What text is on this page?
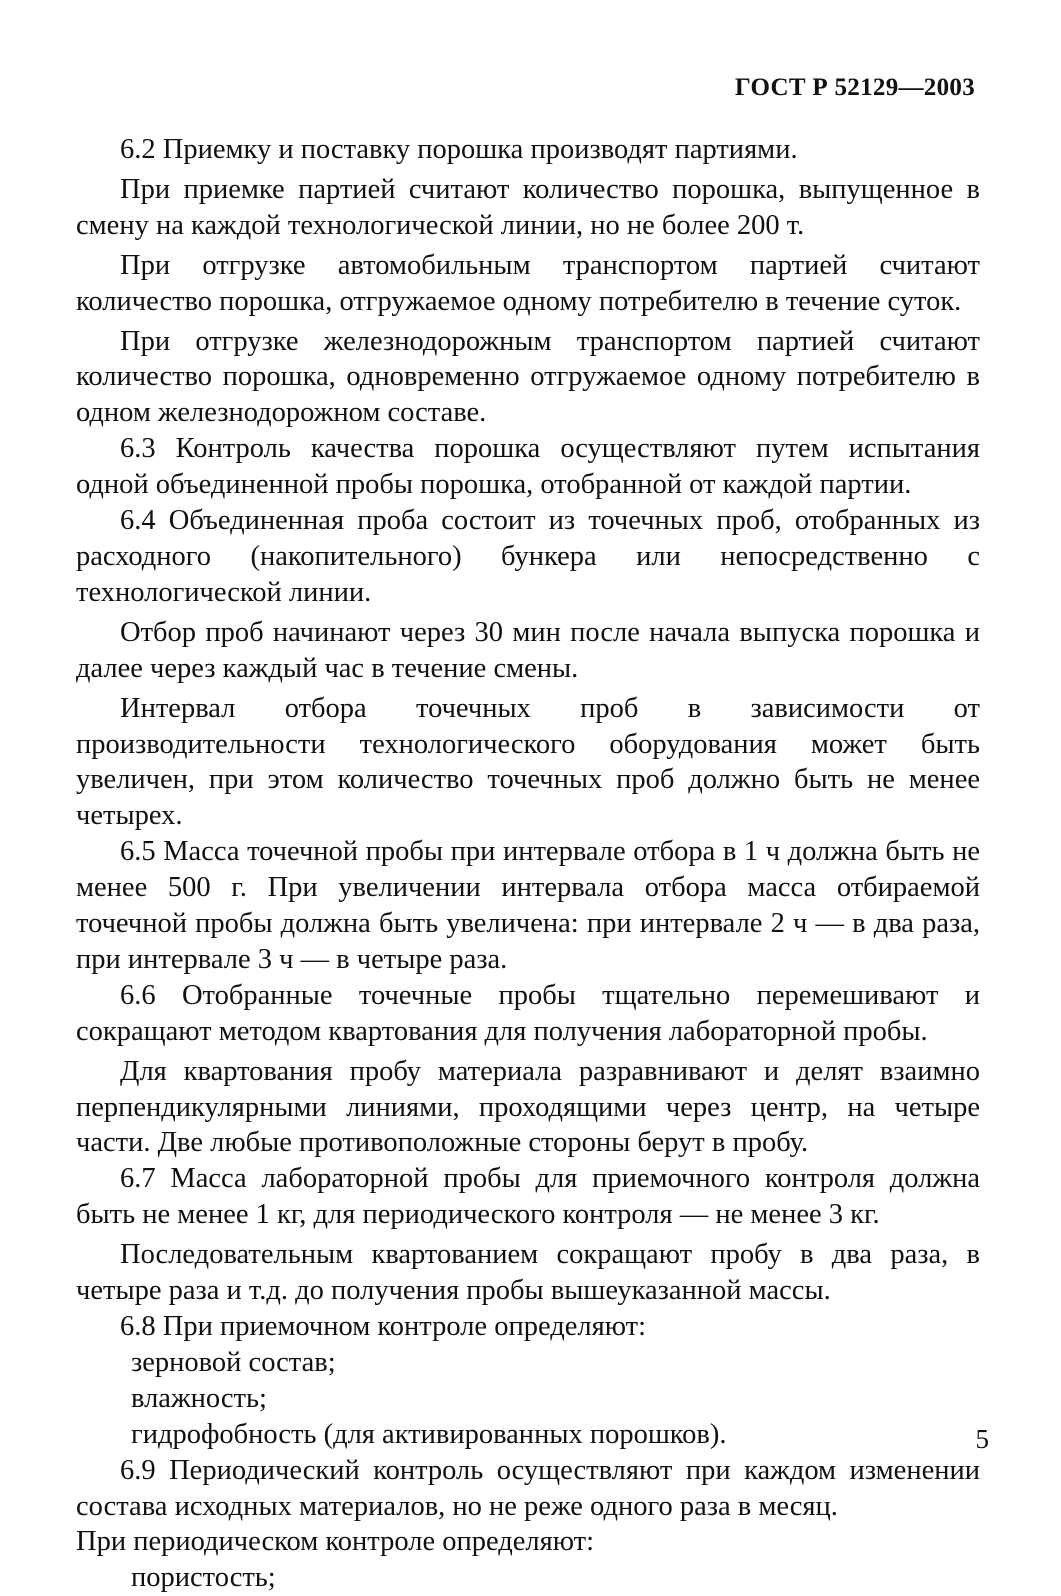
ГОСТ Р 52129—2003

6.2 Приемку и поставку порошка производят партиями.

При приемке партией считают количество порошка, выпущенное в смену на каждой технологической линии, но не более 200 т.

При отгрузке автомобильным транспортом партией считают количество порошка, отгружаемое одному потребителю в течение суток.

При отгрузке железнодорожным транспортом партией считают количество порошка, одновременно отгружаемое одному потребителю в одном железнодорожном составе.

6.3 Контроль качества порошка осуществляют путем испытания одной объединенной пробы порошка, отобранной от каждой партии.

6.4 Объединенная проба состоит из точечных проб, отобранных из расходного (накопительного) бункера или непосредственно с технологической линии.

Отбор проб начинают через 30 мин после начала выпуска порошка и далее через каждый час в течение смены.

Интервал отбора точечных проб в зависимости от производительности технологического оборудования может быть увеличен, при этом количество точечных проб должно быть не менее четырех.

6.5 Масса точечной пробы при интервале отбора в 1 ч должна быть не менее 500 г. При увеличении интервала отбора масса отбираемой точечной пробы должна быть увеличена: при интервале 2 ч — в два раза, при интервале 3 ч — в четыре раза.

6.6 Отобранные точечные пробы тщательно перемешивают и сокращают методом квартования для получения лабораторной пробы.

Для квартования пробу материала разравнивают и делят взаимно перпендикулярными линиями, проходящими через центр, на четыре части. Две любые противоположные стороны берут в пробу.

6.7 Масса лабораторной пробы для приемочного контроля должна быть не менее 1 кг, для периодического контроля — не менее 3 кг.

Последовательным квартованием сокращают пробу в два раза, в четыре раза и т.д. до получения пробы вышеуказанной массы.

6.8 При приемочном контроле определяют:

зерновой состав;

влажность;

гидрофобность (для активированных порошков).

6.9 Периодический контроль осуществляют при каждом изменении состава исходных материалов, но не реже одного раза в месяц.

При периодическом контроле определяют:

пористость;

5
